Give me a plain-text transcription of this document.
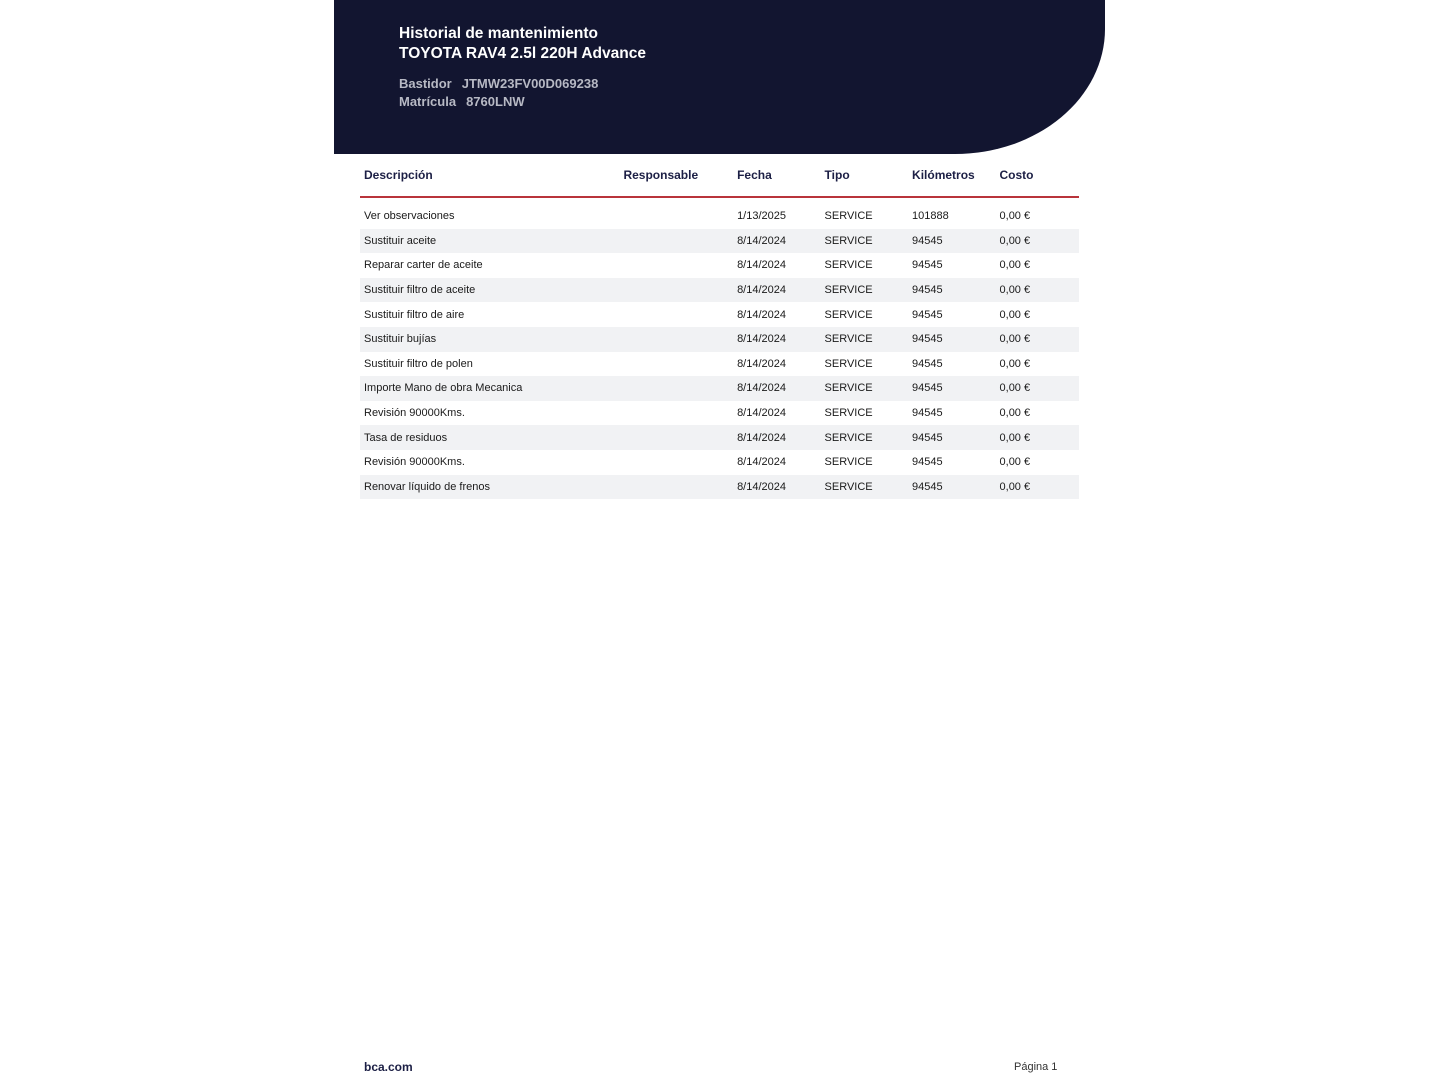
Historial de mantenimiento
TOYOTA RAV4 2.5l 220H Advance
Bastidor JTMW23FV00D069238
Matrícula 8760LNW
Descripción	Responsable	Fecha	Tipo	Kilómetros	Costo

Ver observaciones		1/13/2025	SERVICE	101888	0,00 €
Sustituir aceite		8/14/2024	SERVICE	94545	0,00 €
Reparar carter de aceite		8/14/2024	SERVICE	94545	0,00 €
Sustituir filtro de aceite		8/14/2024	SERVICE	94545	0,00 €
Sustituir filtro de aire		8/14/2024	SERVICE	94545	0,00 €
Sustituir bujías		8/14/2024	SERVICE	94545	0,00 €
Sustituir filtro de polen		8/14/2024	SERVICE	94545	0,00 €
Importe Mano de obra Mecanica		8/14/2024	SERVICE	94545	0,00 €
Revisión 90000Kms.		8/14/2024	SERVICE	94545	0,00 €
Tasa de residuos		8/14/2024	SERVICE	94545	0,00 €
Revisión 90000Kms.		8/14/2024	SERVICE	94545	0,00 €
Renovar líquido de frenos		8/14/2024	SERVICE	94545	0,00 €
bca.com	Página 1
